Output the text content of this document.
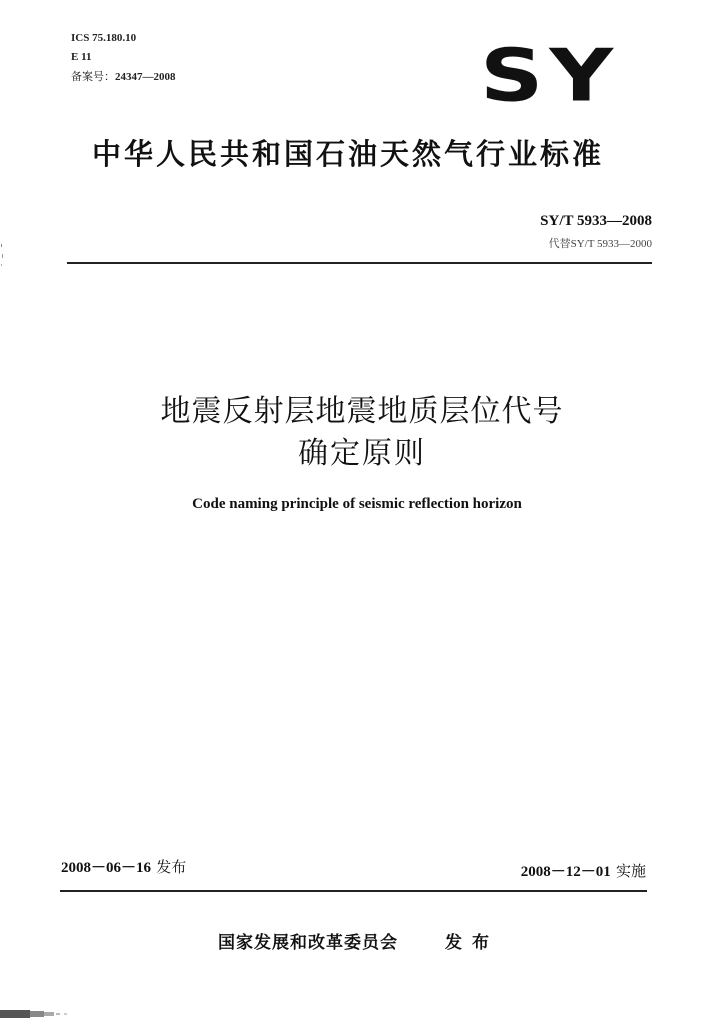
ICS 75.180.10
E 11
备案号：24347—2008	SY
中华人民共和国石油天然气行业标准
SY/T 5933—2008
代替SY/T 5933—2000
地震反射层地震地质层位代号
确定原则
Code naming principle of seismic reflection horizon
2008－06－16 发布	2008－12－01 实施
国家发展和改革委员会	发布
